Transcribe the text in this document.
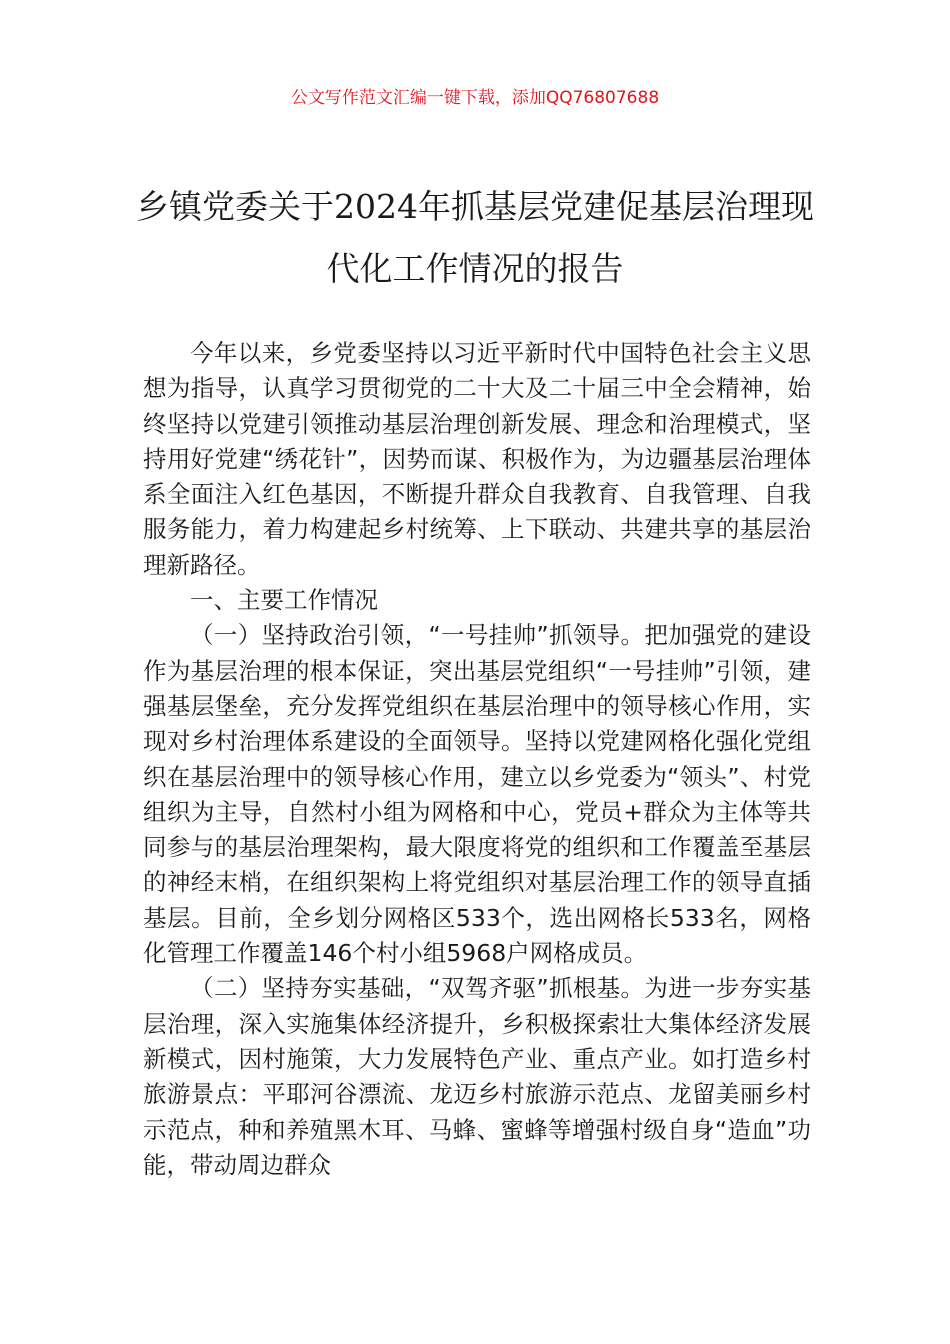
公文写作范文汇编一键下载，添加QQ76807688
乡镇党委关于2024年抓基层党建促基层治理现代化工作情况的报告

今年以来，乡党委坚持以习近平新时代中国特色社会主义思想为指导，认真学习贯彻党的二十大及二十届三中全会精神，始终坚持以党建引领推动基层治理创新发展、理念和治理模式，坚持用好党建“绣花针”，因势而谋、积极作为，为边疆基层治理体系全面注入红色基因，不断提升群众自我教育、自我管理、自我服务能力，着力构建起乡村统筹、上下联动、共建共享的基层治理新路径。

一、主要工作情况

（一）坚持政治引领，“一号挂帅”抓领导。把加强党的建设作为基层治理的根本保证，突出基层党组织“一号挂帅”引领，建强基层堡垒，充分发挥党组织在基层治理中的领导核心作用，实现对乡村治理体系建设的全面领导。坚持以党建网格化强化党组织在基层治理中的领导核心作用，建立以乡党委为“领头”、村党组织为主导，自然村小组为网格和中心，党员+群众为主体等共同参与的基层治理架构，最大限度将党的组织和工作覆盖至基层的神经末梢，在组织架构上将党组织对基层治理工作的领导直插基层。目前，全乡划分网格区533个，选出网格长533名，网格化管理工作覆盖146个村小组5968户网格成员。

（二）坚持夯实基础，“双驾齐驱”抓根基。为进一步夯实基层治理，深入实施集体经济提升，乡积极探索壮大集体经济发展新模式，因村施策，大力发展特色产业、重点产业。如打造乡村旅游景点：平耶河谷漂流、龙迈乡村旅游示范点、龙留美丽乡村示范点，种和养殖黑木耳、马蜂、蜜蜂等增强村级自身“造血”功能，带动周边群众
